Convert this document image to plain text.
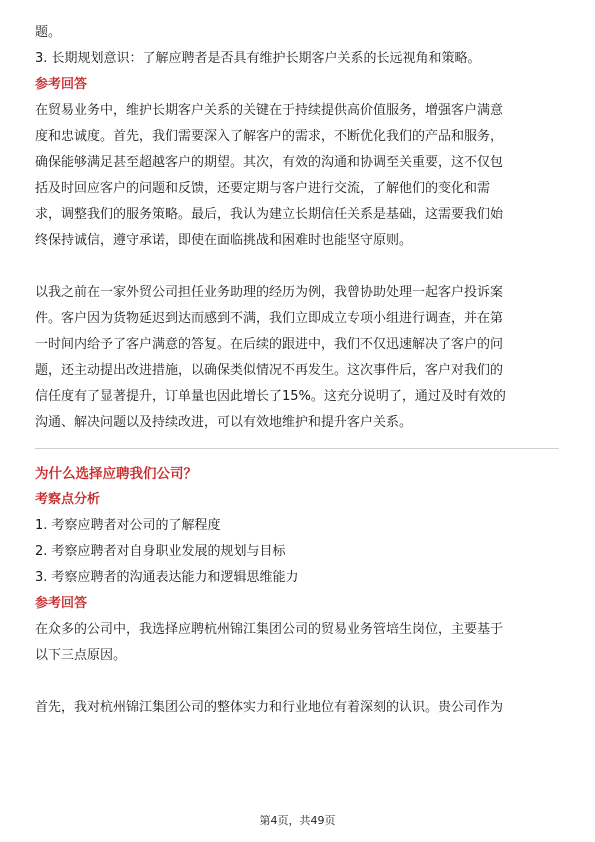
题。

3. 长期规划意识：了解应聘者是否具有维护长期客户关系的长远视角和策略。

参考回答

在贸易业务中，维护长期客户关系的关键在于持续提供高价值服务，增强客户满意

度和忠诚度。首先，我们需要深入了解客户的需求，不断优化我们的产品和服务，

确保能够满足甚至超越客户的期望。其次，有效的沟通和协调至关重要，这不仅包

括及时回应客户的问题和反馈，还要定期与客户进行交流，了解他们的变化和需

求，调整我们的服务策略。最后，我认为建立长期信任关系是基础，这需要我们始

终保持诚信，遵守承诺，即使在面临挑战和困难时也能坚守原则。

以我之前在一家外贸公司担任业务助理的经历为例，我曾协助处理一起客户投诉案

件。客户因为货物延迟到达而感到不满，我们立即成立专项小组进行调查，并在第

一时间内给予了客户满意的答复。在后续的跟进中，我们不仅迅速解决了客户的问

题，还主动提出改进措施，以确保类似情况不再发生。这次事件后，客户对我们的

信任度有了显著提升，订单量也因此增长了15%。这充分说明了，通过及时有效的

沟通、解决问题以及持续改进，可以有效地维护和提升客户关系。

为什么选择应聘我们公司？

考察点分析

1. 考察应聘者对公司的了解程度

2. 考察应聘者对自身职业发展的规划与目标

3. 考察应聘者的沟通表达能力和逻辑思维能力

参考回答

在众多的公司中，我选择应聘杭州锦江集团公司的贸易业务管培生岗位，主要基于

以下三点原因。

首先，我对杭州锦江集团公司的整体实力和行业地位有着深刻的认识。贵公司作为

第4页，共49页
